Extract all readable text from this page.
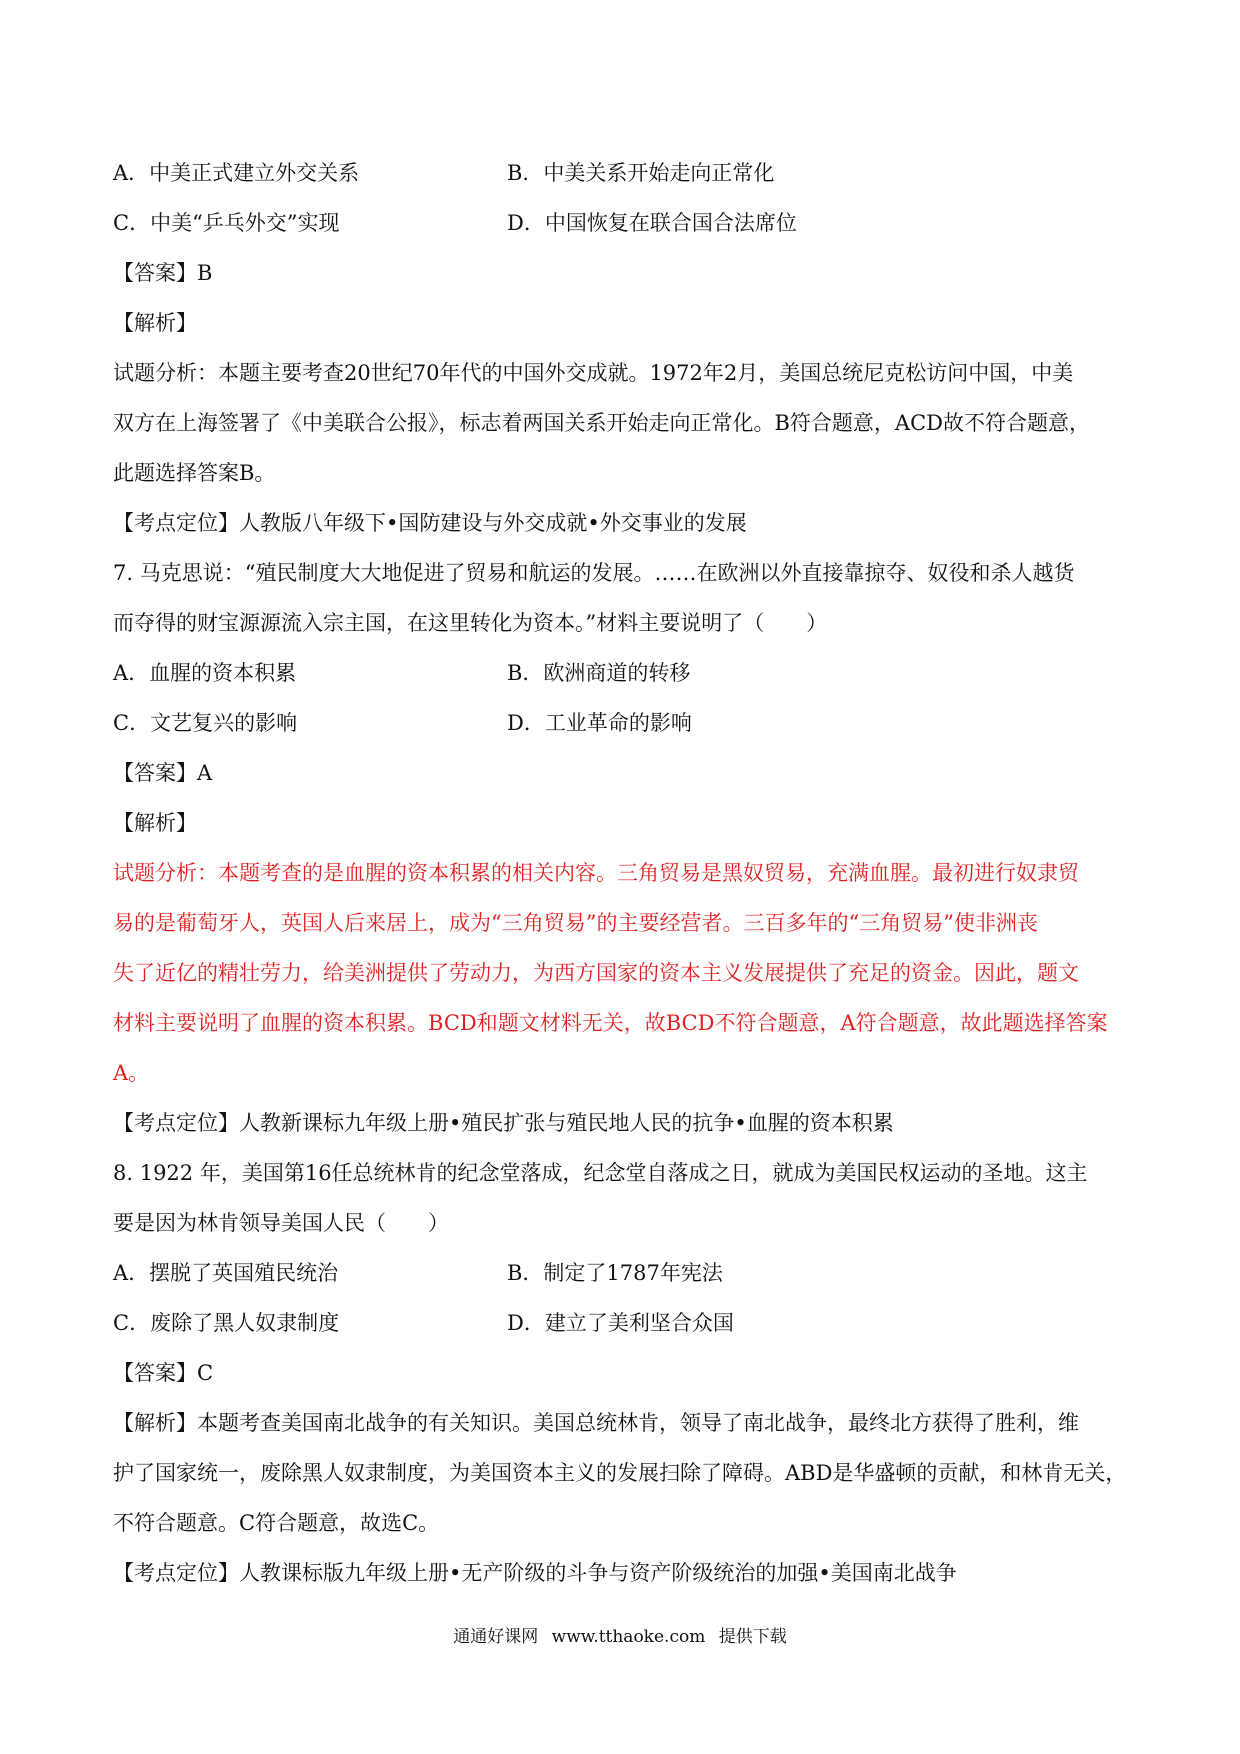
A．中美正式建立外交关系	B．中美关系开始走向正常化
C．中美“乒乓外交”实现	D．中国恢复在联合国合法席位
【答案】B
【解析】
试题分析：本题主要考查20世纪70年代的中国外交成就。1972年2月，美国总统尼克松访问中国，中美
双方在上海签署了《中美联合公报》，标志着两国关系开始走向正常化。B符合题意，ACD故不符合题意，
此题选择答案B。
【考点定位】人教版八年级下•国防建设与外交成就•外交事业的发展
7. 马克思说：“殖民制度大大地促进了贸易和航运的发展。……在欧洲以外直接靠掠夺、奴役和杀人越货
而夺得的财宝源源流入宗主国，在这里转化为资本。”材料主要说明了（　　）
A．血腥的资本积累	B．欧洲商道的转移
C．文艺复兴的影响	D．工业革命的影响
【答案】A
【解析】
试题分析：本题考查的是血腥的资本积累的相关内容。三角贸易是黑奴贸易，充满血腥。最初进行奴隶贸
易的是葡萄牙人，英国人后来居上，成为“三角贸易”的主要经营者。三百多年的“三角贸易”使非洲丧
失了近亿的精壮劳力，给美洲提供了劳动力，为西方国家的资本主义发展提供了充足的资金。因此，题文
材料主要说明了血腥的资本积累。BCD和题文材料无关，故BCD不符合题意，A符合题意，故此题选择答案
A。
【考点定位】人教新课标九年级上册•殖民扩张与殖民地人民的抗争•血腥的资本积累
8. 1922 年，美国第16任总统林肯的纪念堂落成，纪念堂自落成之日，就成为美国民权运动的圣地。这主
要是因为林肯领导美国人民（　　）
A．摆脱了英国殖民统治	B．制定了1787年宪法
C．废除了黑人奴隶制度	D．建立了美利坚合众国
【答案】C
【解析】本题考查美国南北战争的有关知识。美国总统林肯，领导了南北战争，最终北方获得了胜利，维
护了国家统一，废除黑人奴隶制度，为美国资本主义的发展扫除了障碍。ABD是华盛顿的贡献，和林肯无关，
不符合题意。C符合题意，故选C。
【考点定位】人教课标版九年级上册•无产阶级的斗争与资产阶级统治的加强•美国南北战争
通通好课网 www.tthaoke.com 提供下载
